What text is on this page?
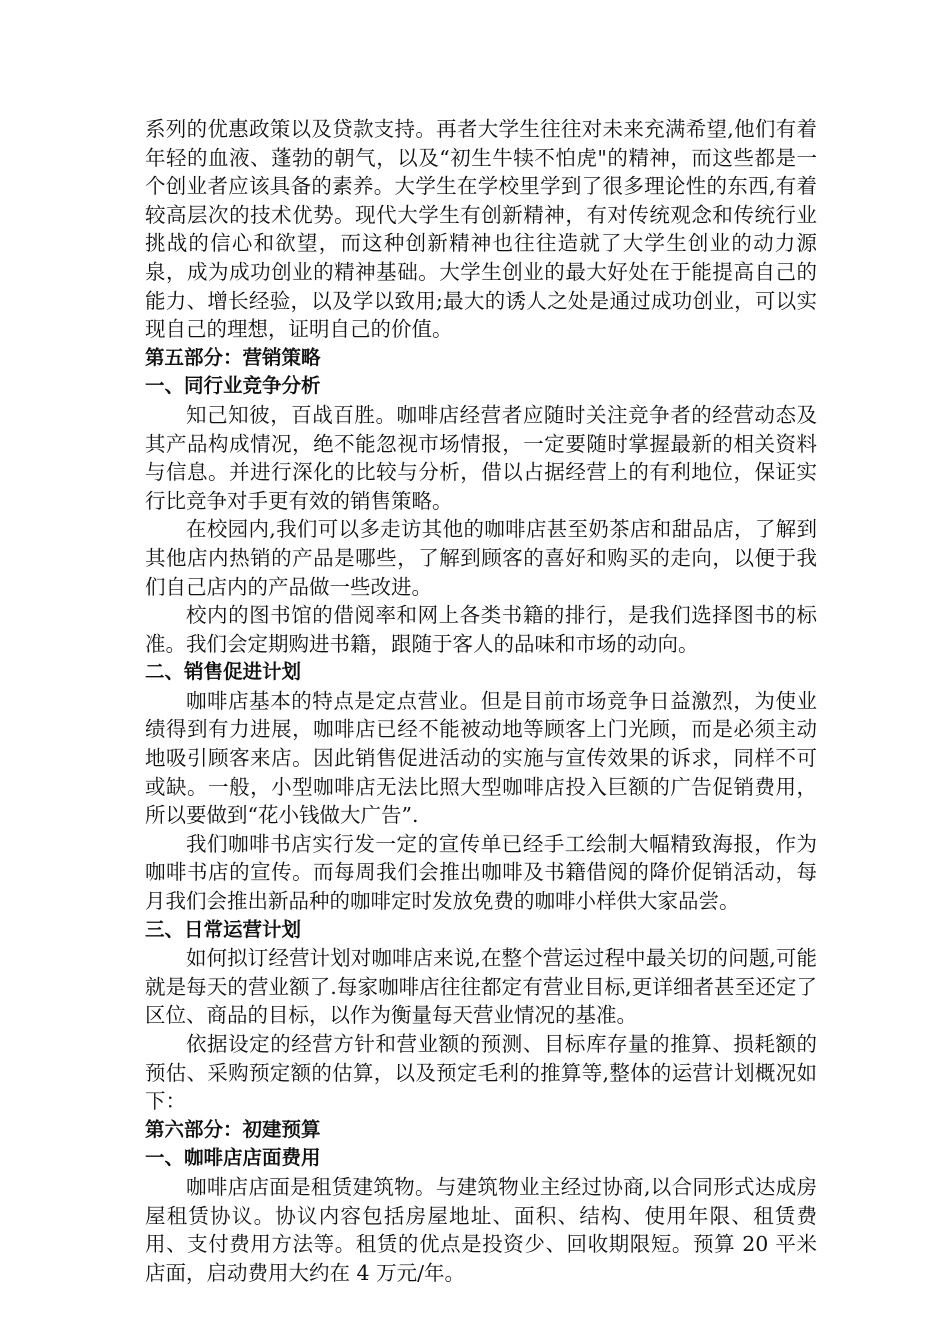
系列的优惠政策以及贷款支持。再者大学生往往对未来充满希望,他们有着年轻的血液、蓬勃的朝气，以及“初生牛犊不怕虎"的精神，而这些都是一个创业者应该具备的素养。大学生在学校里学到了很多理论性的东西,有着较高层次的技术优势。现代大学生有创新精神，有对传统观念和传统行业挑战的信心和欲望，而这种创新精神也往往造就了大学生创业的动力源泉，成为成功创业的精神基础。大学生创业的最大好处在于能提高自己的能力、增长经验，以及学以致用;最大的诱人之处是通过成功创业，可以实现自己的理想，证明自己的价值。

第五部分：营销策略

一、同行业竞争分析

知己知彼，百战百胜。咖啡店经营者应随时关注竞争者的经营动态及其产品构成情况，绝不能忽视市场情报，一定要随时掌握最新的相关资料与信息。并进行深化的比较与分析，借以占据经营上的有利地位，保证实行比竞争对手更有效的销售策略。

在校园内,我们可以多走访其他的咖啡店甚至奶茶店和甜品店，了解到其他店内热销的产品是哪些，了解到顾客的喜好和购买的走向，以便于我们自己店内的产品做一些改进。

校内的图书馆的借阅率和网上各类书籍的排行，是我们选择图书的标准。我们会定期购进书籍，跟随于客人的品味和市场的动向。

二、销售促进计划

咖啡店基本的特点是定点营业。但是目前市场竞争日益激烈，为使业绩得到有力进展，咖啡店已经不能被动地等顾客上门光顾，而是必须主动地吸引顾客来店。因此销售促进活动的实施与宣传效果的诉求，同样不可或缺。一般，小型咖啡店无法比照大型咖啡店投入巨额的广告促销费用，所以要做到“花小钱做大广告”.

我们咖啡书店实行发一定的宣传单已经手工绘制大幅精致海报，作为咖啡书店的宣传。而每周我们会推出咖啡及书籍借阅的降价促销活动，每月我们会推出新品种的咖啡定时发放免费的咖啡小样供大家品尝。

三、日常运营计划

如何拟订经营计划对咖啡店来说,在整个营运过程中最关切的问题,可能就是每天的营业额了.每家咖啡店往往都定有营业目标,更详细者甚至还定了区位、商品的目标，以作为衡量每天营业情况的基准。

依据设定的经营方针和营业额的预测、目标库存量的推算、损耗额的预估、采购预定额的估算，以及预定毛利的推算等,整体的运营计划概况如下：

第六部分：初建预算

一、咖啡店店面费用

咖啡店店面是租赁建筑物。与建筑物业主经过协商,以合同形式达成房屋租赁协议。协议内容包括房屋地址、面积、结构、使用年限、租赁费用、支付费用方法等。租赁的优点是投资少、回收期限短。预算 20 平米店面，启动费用大约在 4 万元/年。
